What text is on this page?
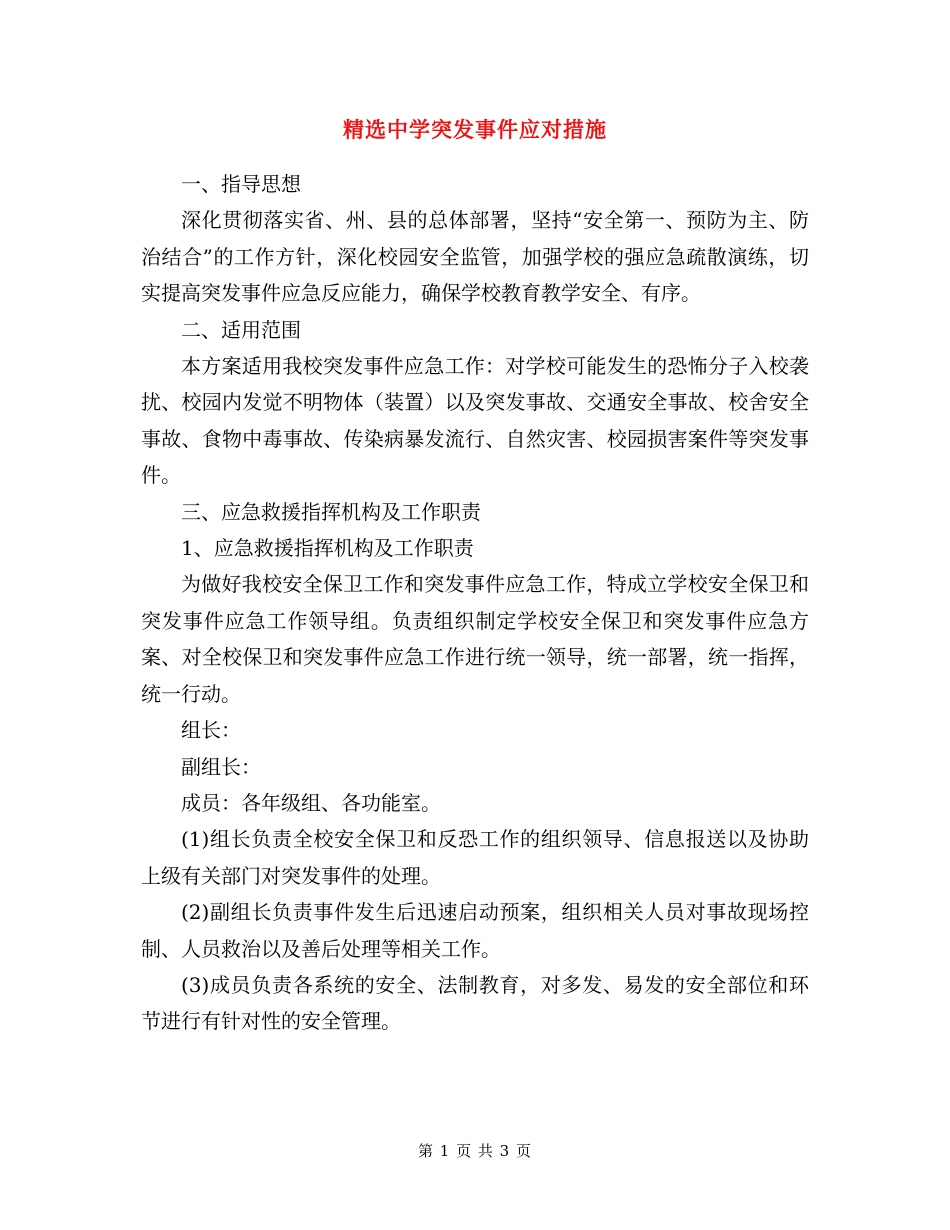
精选中学突发事件应对措施

一、指导思想

深化贯彻落实省、州、县的总体部署，坚持“安全第一、预防为主、防治结合”的工作方针，深化校园安全监管，加强学校的强应急疏散演练，切实提高突发事件应急反应能力，确保学校教育教学安全、有序。

二、适用范围

本方案适用我校突发事件应急工作：对学校可能发生的恐怖分子入校袭扰、校园内发觉不明物体（装置）以及突发事故、交通安全事故、校舍安全事故、食物中毒事故、传染病暴发流行、自然灾害、校园损害案件等突发事件。

三、应急救援指挥机构及工作职责

1、应急救援指挥机构及工作职责

为做好我校安全保卫工作和突发事件应急工作，特成立学校安全保卫和突发事件应急工作领导组。负责组织制定学校安全保卫和突发事件应急方案、对全校保卫和突发事件应急工作进行统一领导，统一部署，统一指挥，统一行动。

组长：

副组长：

成员：各年级组、各功能室。

(1)组长负责全校安全保卫和反恐工作的组织领导、信息报送以及协助上级有关部门对突发事件的处理。

(2)副组长负责事件发生后迅速启动预案，组织相关人员对事故现场控制、人员救治以及善后处理等相关工作。

(3)成员负责各系统的安全、法制教育，对多发、易发的安全部位和环节进行有针对性的安全管理。

第 1 页 共 3 页
